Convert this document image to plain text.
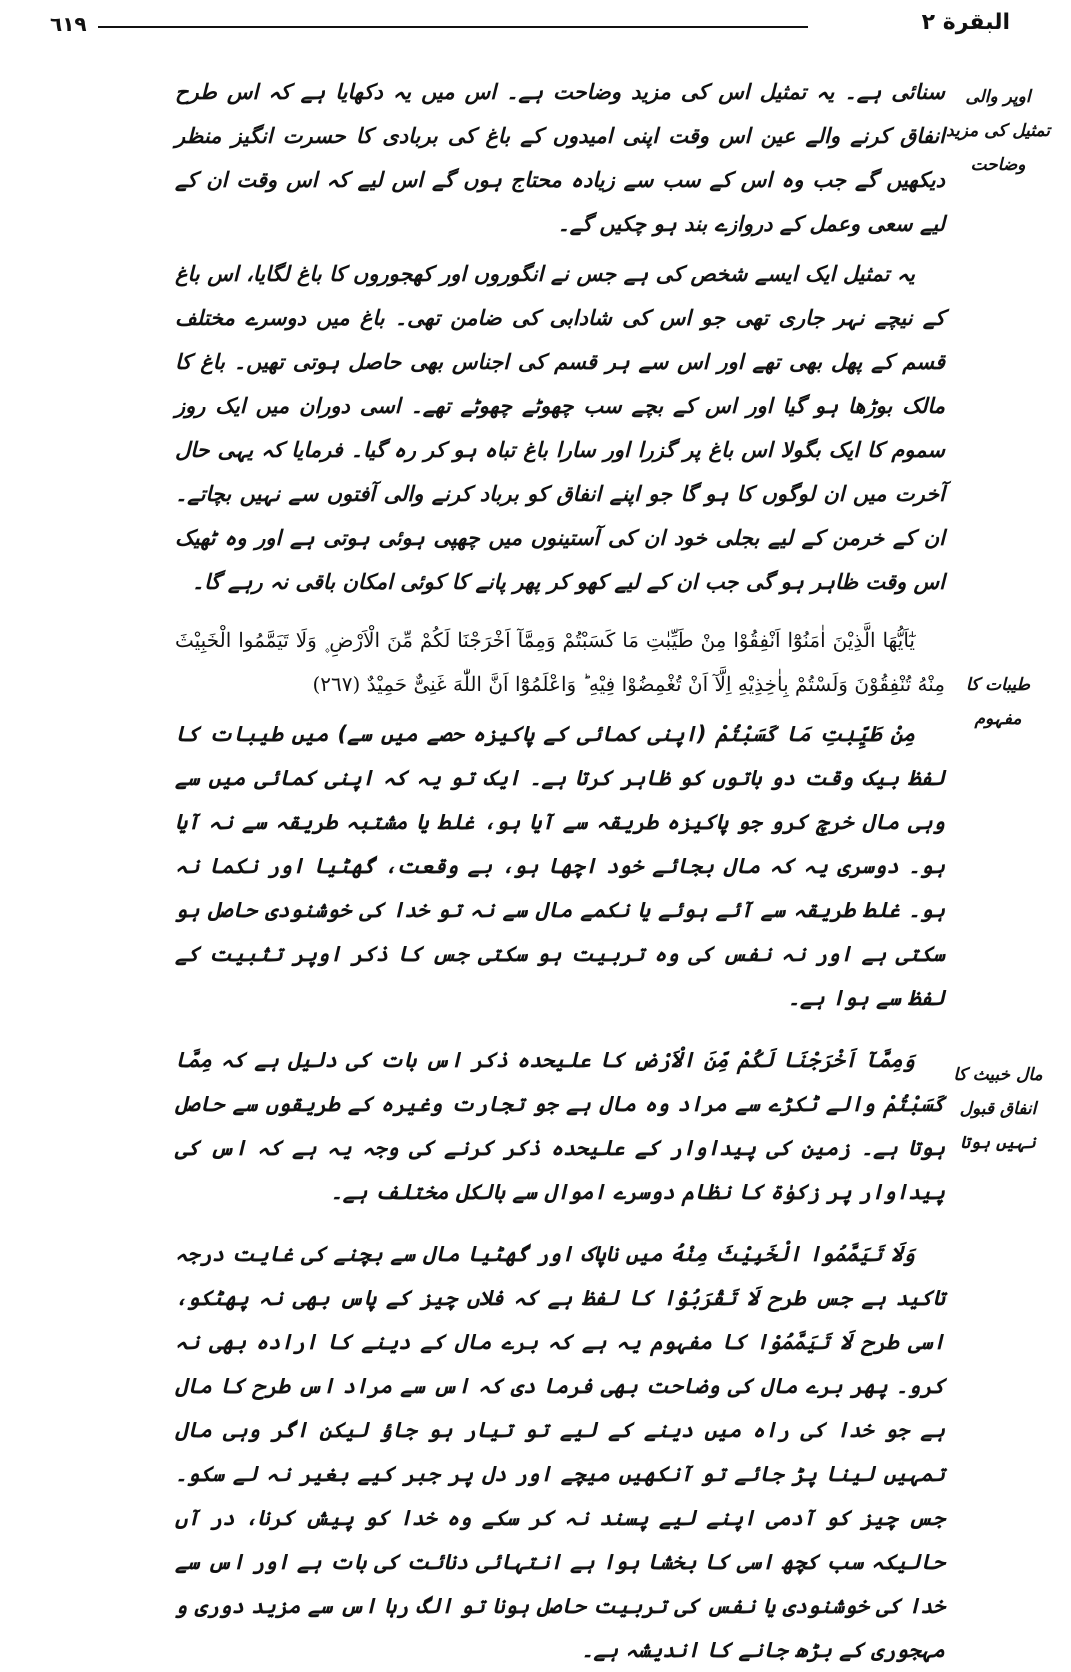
٦١٩	البقرة ٢
اوپر والی
تمثیل کی مزید
وضاحت
طیبات کا
مفہوم
مال خبیث کا
انفاق قبول
نہیں ہوتا

سنائی ہے۔ یہ تمثیل اس کی مزید وضاحت ہے۔ اس میں یہ دکھایا ہے کہ اس طرح انفاق کرنے والے عین اس وقت اپنی امیدوں کے باغ کی بربادی کا حسرت انگیز منظر دیکھیں گے جب وہ اس کے سب سے زیادہ محتاج ہوں گے اس لیے کہ اس وقت ان کے لیے سعی وعمل کے دروازے بند ہو چکیں گے۔

یہ تمثیل ایک ایسے شخص کی ہے جس نے انگوروں اور کھجوروں کا باغ لگایا، اس باغ کے نیچے نہر جاری تھی جو اس کی شادابی کی ضامن تھی۔ باغ میں دوسرے مختلف قسم کے پھل بھی تھے اور اس سے ہر قسم کی اجناس بھی حاصل ہوتی تھیں۔ باغ کا مالک بوڑھا ہو گیا اور اس کے بچے سب چھوٹے چھوٹے تھے۔ اسی دوران میں ایک روز سموم کا ایک بگولا اس باغ پر گزرا اور سارا باغ تباہ ہو کر رہ گیا۔ فرمایا کہ یہی حال آخرت میں ان لوگوں کا ہو گا جو اپنے انفاق کو برباد کرنے والی آفتوں سے نہیں بچاتے۔ ان کے خرمن کے لیے بجلی خود ان کی آستینوں میں چھپی ہوئی ہوتی ہے اور وہ ٹھیک اس وقت ظاہر ہو گی جب ان کے لیے کھو کر پھر پانے کا کوئی امکان باقی نہ رہے گا۔

یٰٓاَیُّهَا الَّذِیْنَ اٰمَنُوْٓا اَنْفِقُوْا مِنْ طَیِّبٰتِ مَا كَسَبْتُمْ وَمِمَّآ اَخْرَجْنَا لَكُمْ مِّنَ الْاَرْضِ ۪ وَلَا تَیَمَّمُوا الْخَبِیْثَ مِنْهُ تُنْفِقُوْنَ وَلَسْتُمْ بِاٰخِذِیْهِ اِلَّآ اَنْ تُغْمِضُوْا فِیْهِ ؕ وَاعْلَمُوْٓا اَنَّ اللّٰهَ غَنِیٌّ حَمِیْدٌ (٢٦٧)

مِنْ طَیِّبٰتِ مَا كَسَبْتُمْ (اپنی کمائی کے پاکیزہ حصے میں سے) میں طیبات کا لفظ بیک وقت دو باتوں کو ظاہر کرتا ہے۔ ایک تو یہ کہ اپنی کمائی میں سے وہی مال خرچ کرو جو پاکیزہ طریقہ سے آیا ہو، غلط یا مشتبہ طریقہ سے نہ آیا ہو۔ دوسری یہ کہ مال بجائے خود اچھا ہو، بے وقعت، گھٹیا اور نکما نہ ہو۔ غلط طریقہ سے آئے ہوئے یا نکمے مال سے نہ تو خدا کی خوشنودی حاصل ہو سکتی ہے اور نہ نفس کی وہ تربیت ہو سکتی جس کا ذکر اوپر تثبیت کے لفظ سے ہوا ہے۔

وَمِمَّآ اَخْرَجْنَا لَكُمْ مِّنَ الْاَرْضِ کا علیحدہ ذکر اس بات کی دلیل ہے کہ مِمَّا كَسَبْتُمْ والے ٹکڑے سے مراد وہ مال ہے جو تجارت وغیرہ کے طریقوں سے حاصل ہوتا ہے۔ زمین کی پیداوار کے علیحدہ ذکر کرنے کی وجہ یہ ہے کہ اس کی پیداوار پر زکوٰۃ کا نظام دوسرے اموال سے بالکل مختلف ہے۔

وَلَا تَیَمَّمُوا الْخَبِیْثَ مِنْهُ میں ناپاک اور گھٹیا مال سے بچنے کی غایت درجہ تاکید ہے جس طرح لَا تَقْرَبُوْا کا لفظ ہے کہ فلاں چیز کے پاس بھی نہ پھٹکو، اسی طرح لَا تَیَمَّمُوْا کا مفہوم یہ ہے کہ برے مال کے دینے کا ارادہ بھی نہ کرو۔ پھر برے مال کی وضاحت بھی فرما دی کہ اس سے مراد اس طرح کا مال ہے جو خدا کی راہ میں دینے کے لیے تو تیار ہو جاؤ لیکن اگر وہی مال تمہیں لینا پڑ جائے تو آنکھیں میچے اور دل پر جبر کیے بغیر نہ لے سکو۔ جس چیز کو آدمی اپنے لیے پسند نہ کر سکے وہ خدا کو پیش کرنا، در آں حالیکہ سب کچھ اسی کا بخشا ہوا ہے انتہائی دنائت کی بات ہے اور اس سے خدا کی خوشنودی یا نفس کی تربیت حاصل ہونا تو الگ رہا اس سے مزید دوری و مہجوری کے بڑھ جانے کا اندیشہ ہے۔
